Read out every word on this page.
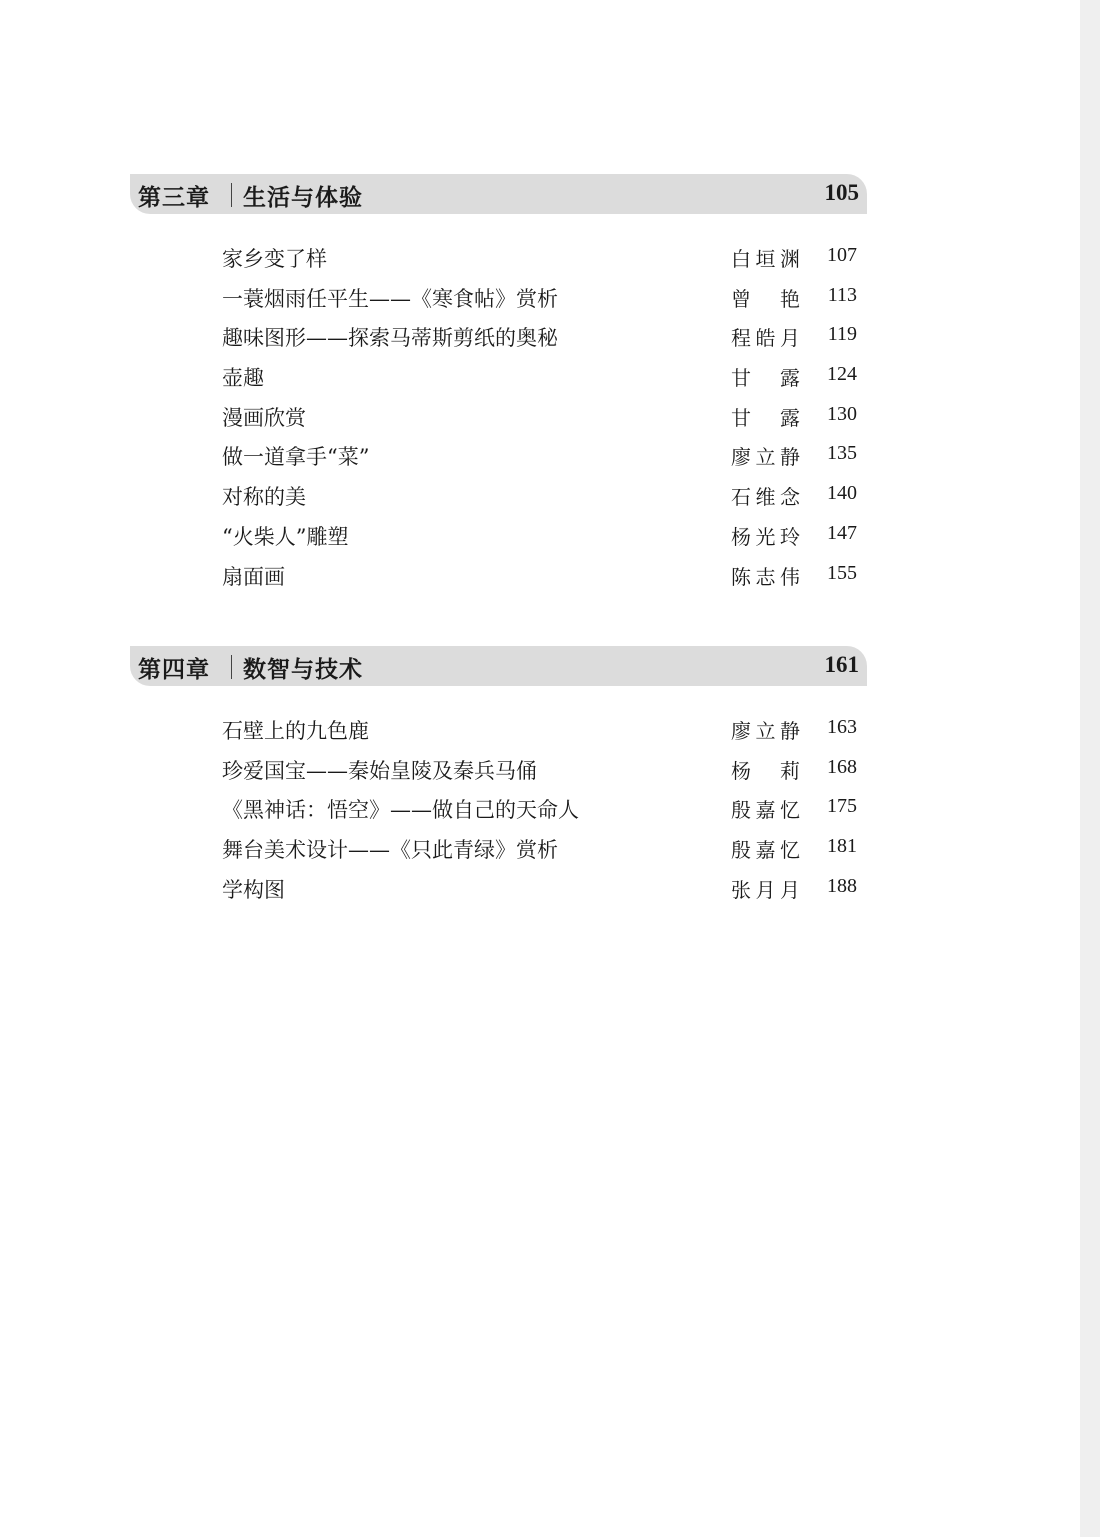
第三章 生活与体验	105
家乡变了样	白垣渊 107
一蓑烟雨任平生——《寒食帖》赏析	曾　艳 113
趣味图形——探索马蒂斯剪纸的奥秘	程皓月 119
壶趣	甘　露 124
漫画欣赏	甘　露 130
做一道拿手“菜”	廖立静 135
对称的美	石维念 140
“火柴人”雕塑	杨光玲 147
扇面画	陈志伟 155
第四章 数智与技术	161
石壁上的九色鹿	廖立静 163
珍爱国宝——秦始皇陵及秦兵马俑	杨　莉 168
《黑神话：悟空》——做自己的天命人	殷嘉忆 175
舞台美术设计——《只此青绿》赏析	殷嘉忆 181
学构图	张月月 188
